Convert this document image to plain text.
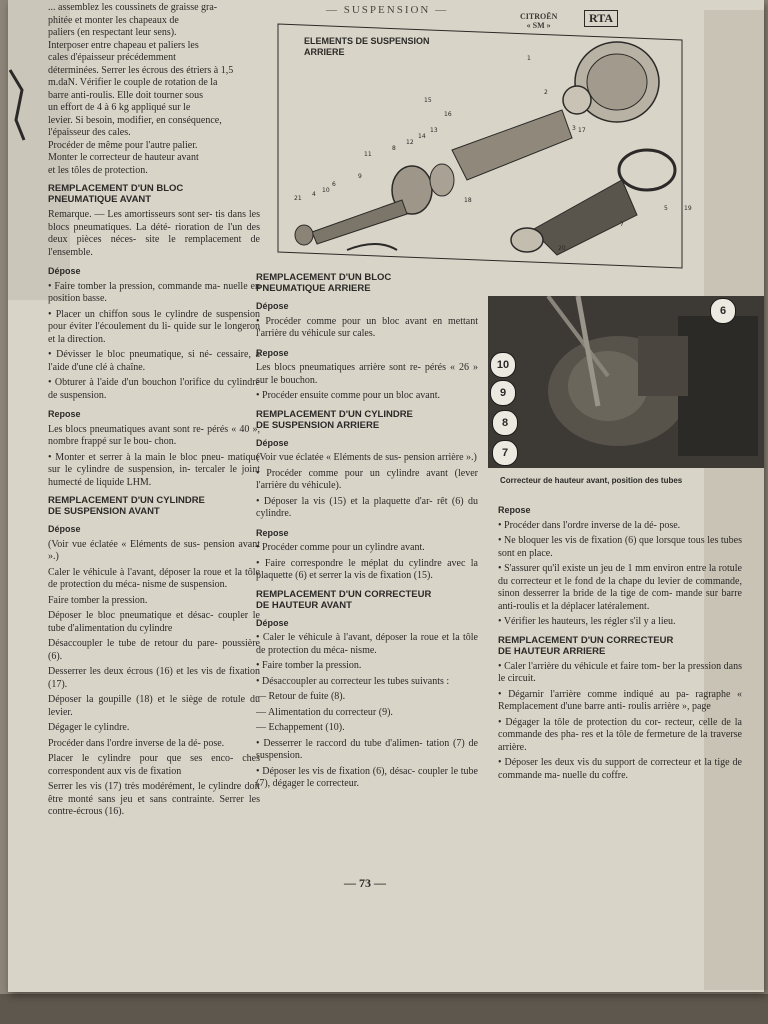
— SUSPENSION —
CITROËN
« SM »
RTA
1
2
3
4
5
6
7
8
9
10
11
12
13
14
15
16
17
18
19
20
21
ELEMENTS DE SUSPENSION
ARRIERE
6
10
9
8
7
Correcteur de hauteur avant, position des tubes
... assemblez les coussinets de graisse gra-
phitée et monter les chapeaux de
paliers (en respectant leur sens).
Interposer entre chapeau et paliers les
cales d'épaisseur précédemment
déterminées. Serrer les écrous des étriers à 1,5
m.daN. Vérifier le couple de rotation de la
barre anti-roulis. Elle doit tourner sous
un effort de 4 à 6 kg appliqué sur le
levier. Si besoin, modifier, en conséquence,
l'épaisseur des cales.
Procéder de même pour l'autre palier.
Monter le correcteur de hauteur avant
et les tôles de protection.
REMPLACEMENT D'UN BLOC
PNEUMATIQUE AVANT

Remarque. — Les amortisseurs sont ser- tis dans les blocs pneumatiques. La dété- rioration de l'un des deux pièces néces- site le remplacement de l'ensemble.

Dépose

• Faire tomber la pression, commande ma- nuelle en position basse.

• Placer un chiffon sous le cylindre de suspension pour éviter l'écoulement du li- quide sur le longeron et la direction.

• Dévisser le bloc pneumatique, si né- cessaire, à l'aide d'une clé à chaîne.

• Obturer à l'aide d'un bouchon l'orifice du cylindre de suspension.

Repose

Les blocs pneumatiques avant sont re- pérés « 40 », nombre frappé sur le bou- chon.

• Monter et serrer à la main le bloc pneu- matique sur le cylindre de suspension, in- tercaler le joint humecté de liquide LHM.

REMPLACEMENT D'UN CYLINDRE
DE SUSPENSION AVANT
Dépose

(Voir vue éclatée « Eléments de sus- pension avant ».)

Caler le véhicule à l'avant, déposer la roue et la tôle de protection du méca- nisme de suspension.

Faire tomber la pression.

Déposer le bloc pneumatique et désac- coupler le tube d'alimentation du cylindre

Désaccoupler le tube de retour du pare- poussière (6).

Desserrer les deux écrous (16) et les vis de fixation (17).

Déposer la goupille (18) et le siège de rotule du levier.

Dégager le cylindre.

Procéder dans l'ordre inverse de la dé- pose.

Placer le cylindre pour que ses enco- ches correspondent aux vis de fixation

Serrer les vis (17) très modérément, le cylindre doit être monté sans jeu et sans contrainte. Serrer les contre-écrous (16).

REMPLACEMENT D'UN BLOC
PNEUMATIQUE ARRIERE
Dépose

• Procéder comme pour un bloc avant en mettant l'arrière du véhicule sur cales.

Repose

Les blocs pneumatiques arrière sont re- pérés « 26 » sur le bouchon.

• Procéder ensuite comme pour un bloc avant.

REMPLACEMENT D'UN CYLINDRE
DE SUSPENSION ARRIERE
Dépose

(Voir vue éclatée « Eléments de sus- pension arrière ».)

• Procéder comme pour un cylindre avant (lever l'arrière du véhicule).

• Déposer la vis (15) et la plaquette d'ar- rêt (6) du cylindre.

Repose

• Procéder comme pour un cylindre avant.

• Faire correspondre le méplat du cylindre avec la plaquette (6) et serrer la vis de fixation (15).

REMPLACEMENT D'UN CORRECTEUR
DE HAUTEUR AVANT
Dépose

• Caler le véhicule à l'avant, déposer la roue et la tôle de protection du méca- nisme.

• Faire tomber la pression.

• Désaccoupler au correcteur les tubes suivants :

— Retour de fuite (8).

— Alimentation du correcteur (9).

— Echappement (10).

• Desserrer le raccord du tube d'alimen- tation (7) de suspension.

• Déposer les vis de fixation (6), désac- coupler le tube (7), dégager le correcteur.

Repose

• Procéder dans l'ordre inverse de la dé- pose.

• Ne bloquer les vis de fixation (6) que lorsque tous les tubes sont en place.

• S'assurer qu'il existe un jeu de 1 mm environ entre la rotule du correcteur et le fond de la chape du levier de commande, sinon desserrer la bride de la tige de com- mande sur barre anti-roulis et la déplacer latéralement.

• Vérifier les hauteurs, les régler s'il y a lieu.

REMPLACEMENT D'UN CORRECTEUR
DE HAUTEUR ARRIERE

• Caler l'arrière du véhicule et faire tom- ber la pression dans le circuit.

• Dégarnir l'arrière comme indiqué au pa- ragraphe « Remplacement d'une barre anti- roulis arrière », page

• Dégager la tôle de protection du cor- recteur, celle de la commande des pha- res et la tôle de fermeture de la traverse arrière.

• Déposer les deux vis du support de correcteur et la tige de commande ma- nuelle du coffre.

— 73 —
